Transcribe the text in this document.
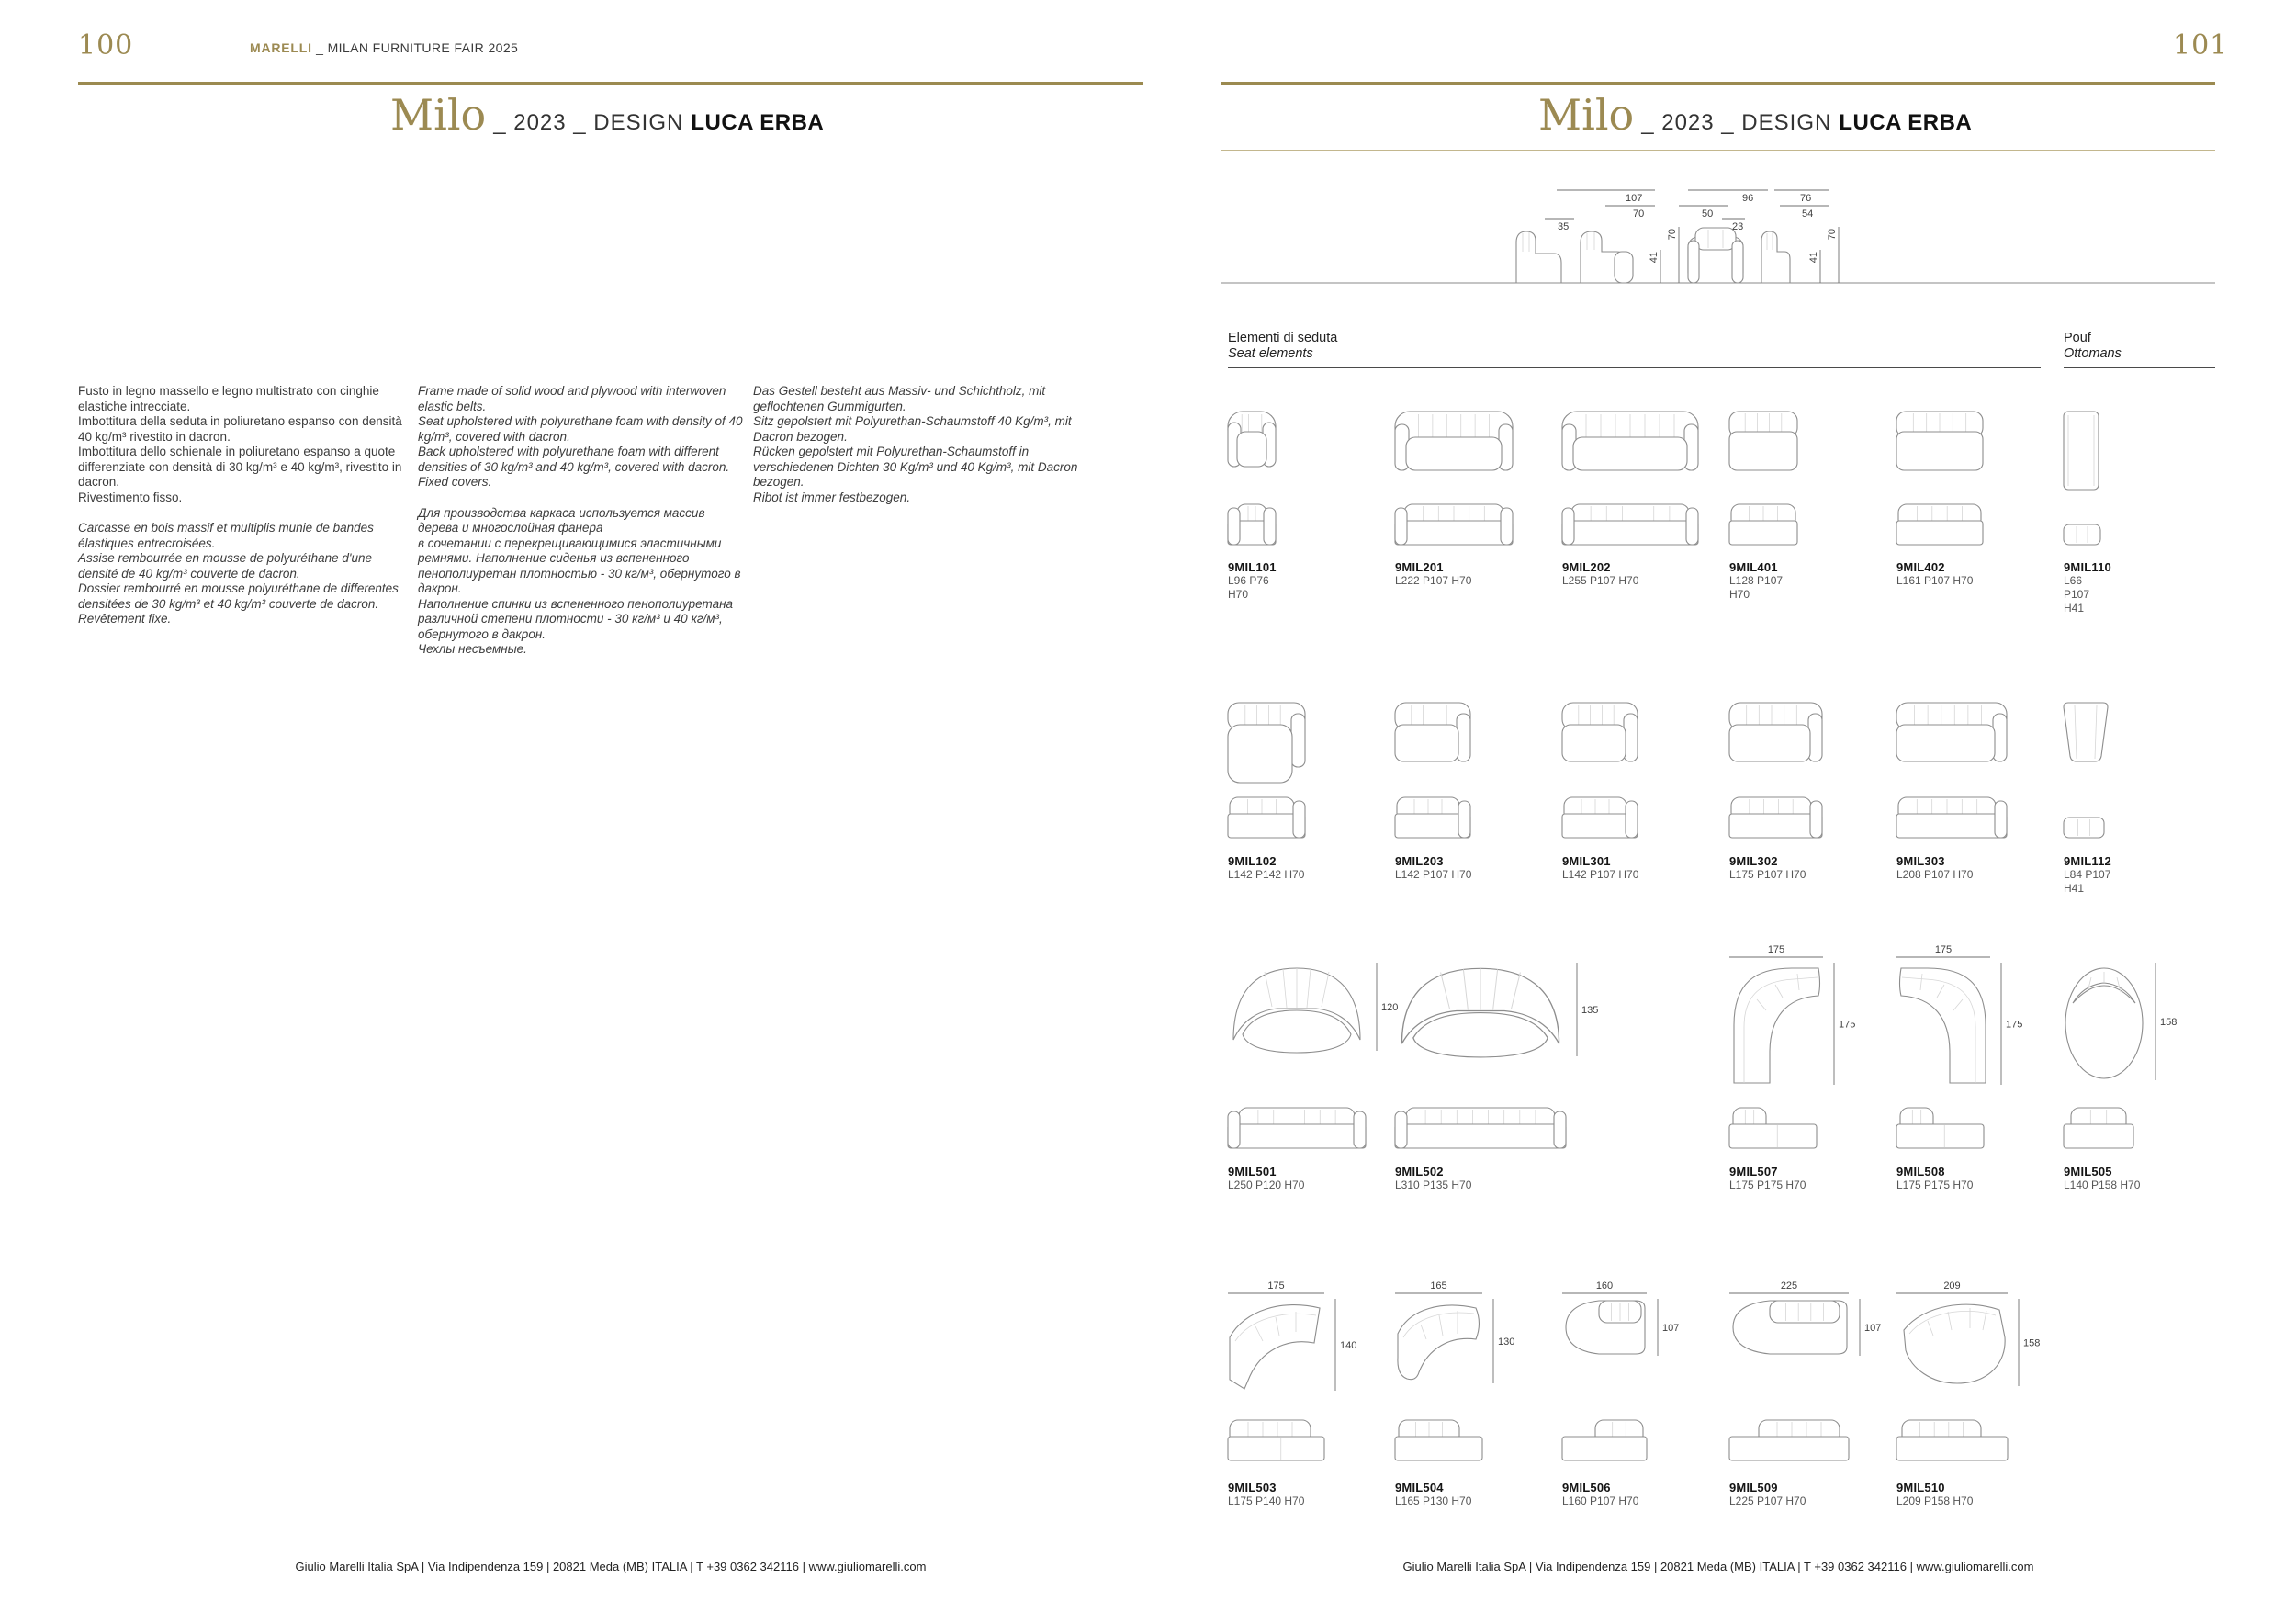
100	MARELLI _ MILAN FURNITURE FAIR 2025
Milo _ 2023 _ DESIGN LUCA ERBA

Fusto in legno massello e legno multistrato con cinghie elastiche intrecciate.

Imbottitura della seduta in poliuretano espanso con densità 40 kg/m³ rivestito in dacron.

Imbottitura dello schienale in poliuretano espanso a quote differenziate con densità di 30 kg/m³ e 40 kg/m³, rivestito in dacron.

Rivestimento fisso.

Carcasse en bois massif et multiplis munie de bandes élastiques entrecroisées.

Assise rembourrée en mousse de polyuréthane d'une densité de 40 kg/m³ couverte de dacron.

Dossier rembourré en mousse polyuréthane de differentes densitées de 30 kg/m³ et 40 kg/m³ couverte de dacron.

Revêtement fixe.

Frame made of solid wood and plywood with interwoven elastic belts.

Seat upholstered with polyurethane foam with density of 40 kg/m³, covered with dacron.

Back upholstered with polyurethane foam with different densities of 30 kg/m³ and 40 kg/m³, covered with dacron.

Fixed covers.

Для производства каркаса используется массив дерева и многослойная фанера

в сочетании с перекрещивающимися эластичными ремнями. Наполнение сиденья из вспененного пенополиуретан плотностью - 30 кг/м³, обернутого в дакрон.

Наполнение спинки из вспененного пенополиуретана различной степени плотности - 30 кг/м³ и 40 кг/м³, обернутого в дакрон.

Чехлы несъемные.

Das Gestell besteht aus Massiv- und Schichtholz, mit geflochtenen Gummigurten.

Sitz gepolstert mit Polyurethan-Schaumstoff 40 Kg/m³, mit Dacron bezogen.

Rücken gepolstert mit Polyurethan-Schaumstoff in verschiedenen Dichten 30 Kg/m³ und 40 Kg/m³, mit Dacron bezogen.

Ribot ist immer festbezogen.

Giulio Marelli Italia SpA | Via Indipendenza 159 | 20821 Meda (MB) ITALIA | T +39 0362 342116 | www.giuliomarelli.com
101
Milo _ 2023 _ DESIGN LUCA ERBA
107
70
35
96
50
23
76
54
41
70
41
70
Elementi di seduta
Seat elements
Pouf
Ottomans
9MIL101
L96 P76 H70
9MIL201
L222 P107 H70
9MIL202
L255 P107 H70
9MIL401
L128 P107 H70
9MIL402
L161 P107 H70
9MIL110
L66 P107 H41
9MIL102
L142 P142 H70
9MIL203
L142 P107 H70
9MIL301
L142 P107 H70
9MIL302
L175 P107 H70
9MIL303
L208 P107 H70
9MIL112
L84 P107 H41
120
9MIL501
L250 P120 H70
135
9MIL502
L310 P135 H70
175
175
9MIL507
L175 P175 H70
175
175
9MIL508
L175 P175 H70
158
9MIL505
L140 P158 H70
175
140
9MIL503
L175 P140 H70
165
130
9MIL504
L165 P130 H70
160
107
9MIL506
L160 P107 H70
225
107
9MIL509
L225 P107 H70
209
158
9MIL510
L209 P158 H70
Giulio Marelli Italia SpA | Via Indipendenza 159 | 20821 Meda (MB) ITALIA | T +39 0362 342116 | www.giuliomarelli.com
